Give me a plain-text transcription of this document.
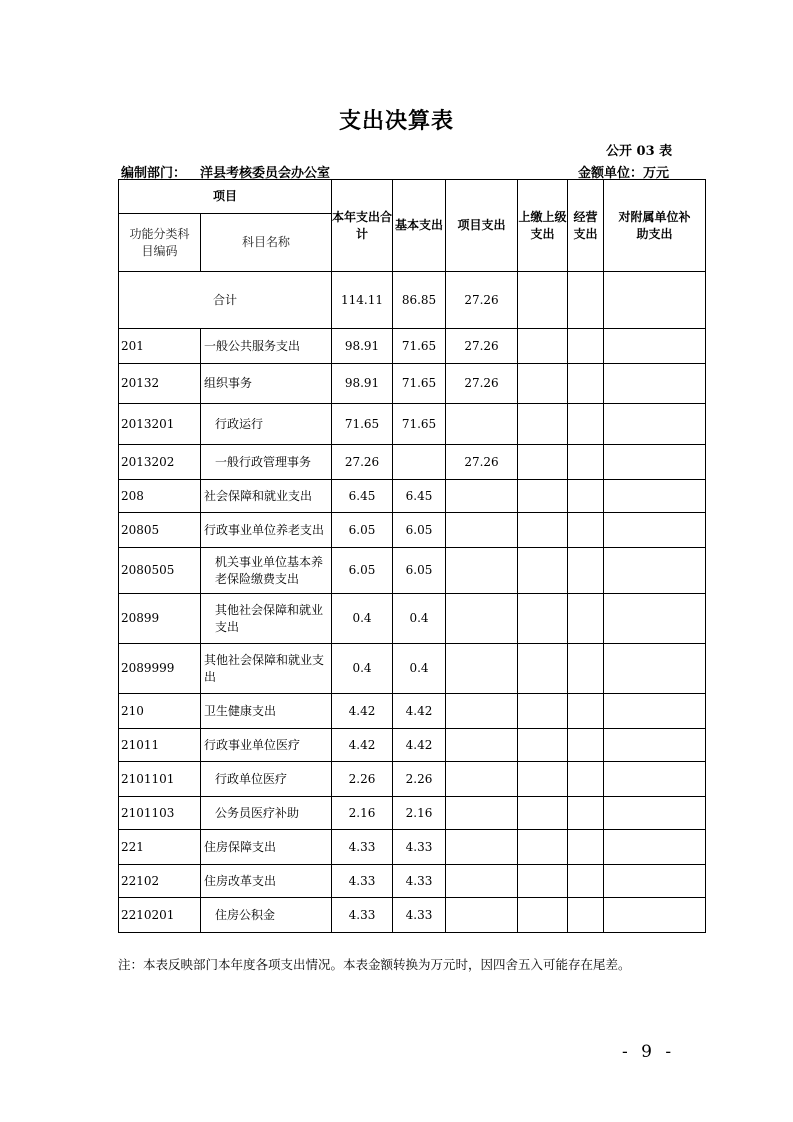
支出决算表
公开 03 表
编制部门： 洋县考核委员会办公室	金额单位：万元
项目		本年支出合计	基本支出	项目支出	上缴上级支出	经营支出	对附属单位补助支出
功能分类科目编码	科目名称						
合计		114.11	86.85	27.26			
201	一般公共服务支出	98.91	71.65	27.26			
20132	组织事务	98.91	71.65	27.26			
2013201	行政运行	71.65	71.65				
2013202	一般行政管理事务	27.26		27.26			
208	社会保障和就业支出	6.45	6.45				
20805	行政事业单位养老支出	6.05	6.05				
2080505	机关事业单位基本养老保险缴费支出	6.05	6.05				
20899	其他社会保障和就业支出	0.4	0.4				
2089999	其他社会保障和就业支出	0.4	0.4				
210	卫生健康支出	4.42	4.42				
21011	行政事业单位医疗	4.42	4.42				
2101101	行政单位医疗	2.26	2.26				
2101103	公务员医疗补助	2.16	2.16				
221	住房保障支出	4.33	4.33				
22102	住房改革支出	4.33	4.33				
2210201	住房公积金	4.33	4.33				
注：本表反映部门本年度各项支出情况。本表金额转换为万元时，因四舍五入可能存在尾差。
- 9 -
